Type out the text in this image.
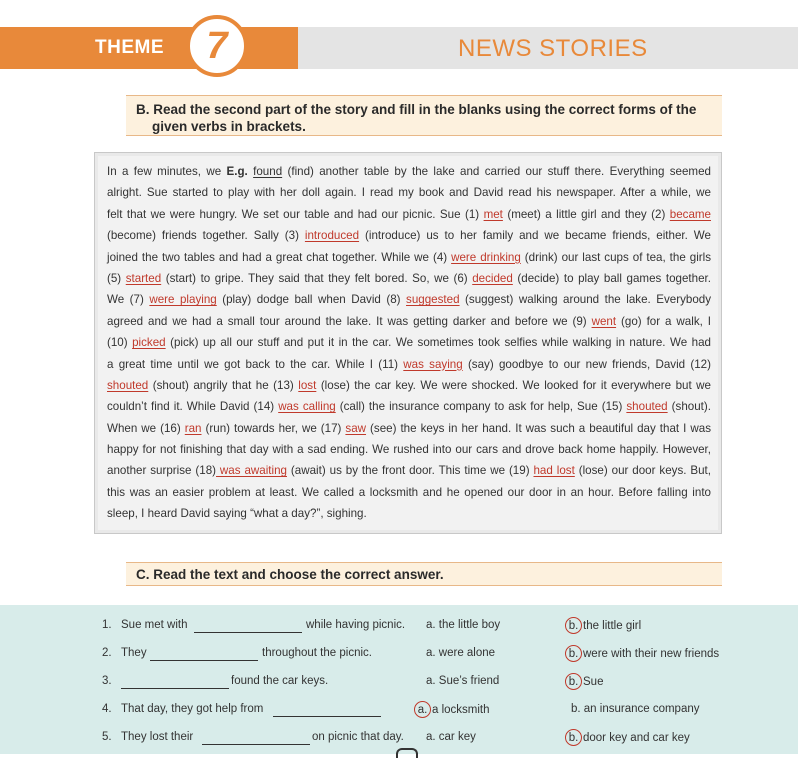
THEME	7	NEWS STORIES
B. Read the second part of the story and fill in the blanks using the correct forms of the
given verbs in brackets.
In a few minutes, we E.g. found (find) another table by the lake and carried our stuff there. Everything seemed
alright. Sue started to play with her doll again. I read my book and David read his newspaper. After a while, we
felt that we were hungry. We set our table and had our picnic. Sue (1) met (meet) a little girl and they (2) became
(become) friends together. Sally (3) introduced (introduce) us to her family and we became friends, either. We
joined the two tables and had a great chat together. While we (4) were drinking (drink) our last cups of tea, the girls
(5) started (start) to gripe. They said that they felt bored. So, we (6) decided (decide) to play ball games together.
We (7) were playing (play) dodge ball when David (8) suggested (suggest) walking around the lake. Everybody
agreed and we had a small tour around the lake. It was getting darker and before we (9) went (go) for a walk, I
(10) picked (pick) up all our stuff and put it in the car. We sometimes took selfies while walking in nature. We had
a great time until we got back to the car. While I (11) was saying (say) goodbye to our new friends, David (12)
shouted (shout) angrily that he (13) lost (lose) the car key. We were shocked. We looked for it everywhere but we
couldn’t find it. While David (14) was calling (call) the insurance company to ask for help, Sue (15) shouted (shout).
When we (16) ran (run) towards her, we (17) saw (see) the keys in her hand. It was such a beautiful day that I was
happy for not finishing that day with a sad ending. We rushed into our cars and drove back home happily. However,
another surprise (18) was awaiting (await) us by the front door. This time we (19) had lost (lose) our door keys. But,
this was an easier problem at least. We called a locksmith and he opened our door in an hour. Before falling into
sleep, I heard David saying “what a day?”, sighing.
C. Read the text and choose the correct answer.
1. Sue met with	while having picnic. a. the little boy	b. the little girl
2. They	throughout the picnic.	a. were alone	b. were with their new friends
3.	found the car keys.	a. Sue’s friend	b. Sue
4. That day, they got help from	a. a locksmith	b. an insurance company
5. They lost their	on picnic that day. a. car key	b. door key and car key
